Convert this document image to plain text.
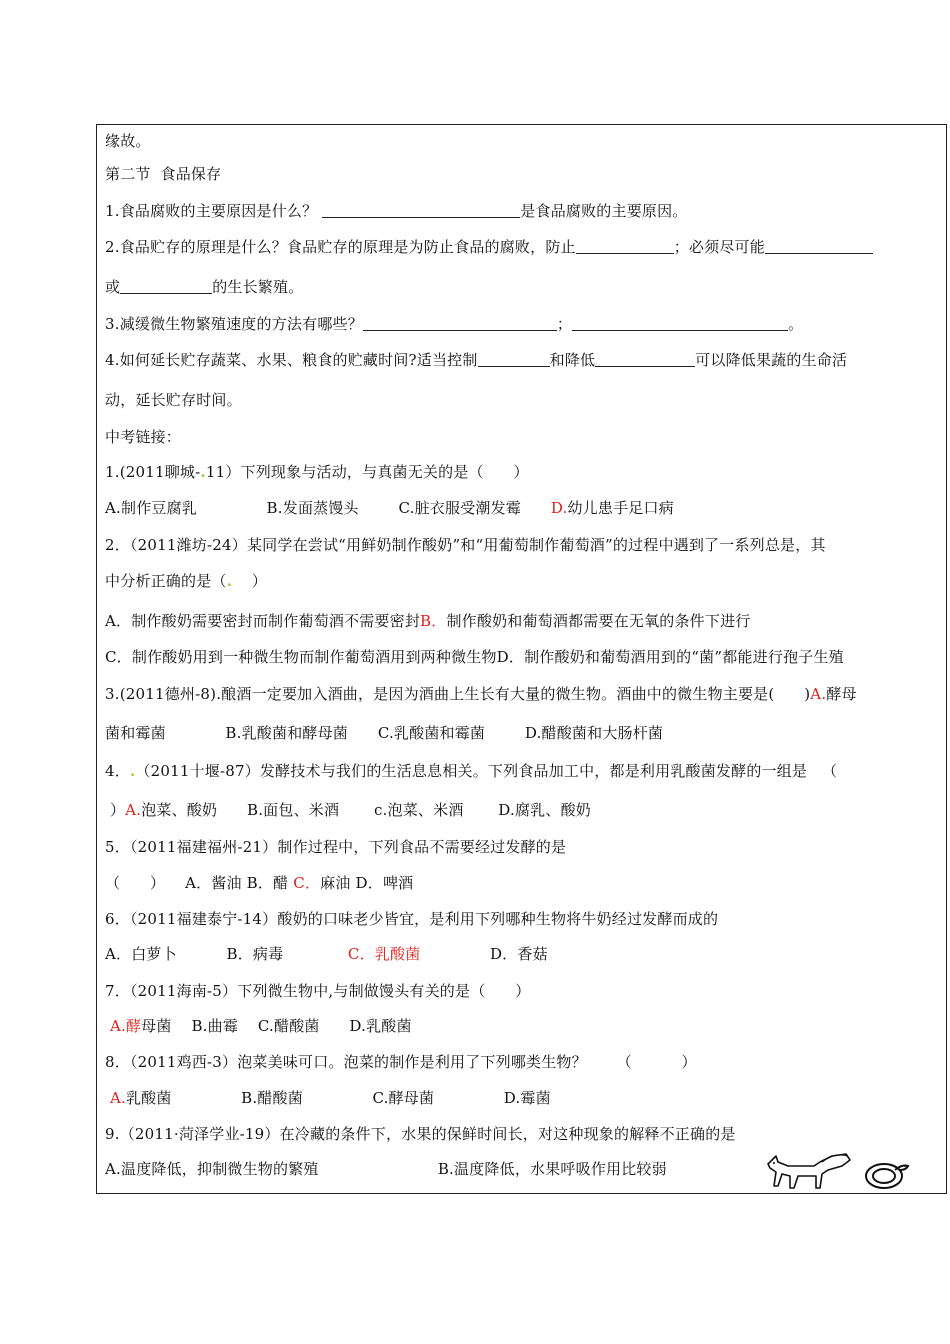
缘故。
第二节  食品保存
1.食品腐败的主要原因是什么？	是食品腐败的主要原因。
2.食品贮存的原理是什么？食品贮存的原理是为防止食品的腐败，防止	；必须尽可能
或	的生长繁殖。
3.减缓微生物繁殖速度的方法有哪些？	；	。
4.如何延长贮存蔬菜、水果、粮食的贮藏时间?适当控制	和降低	可以降低果蔬的生命活
动，延长贮存时间。
中考链接：
1.(2011聊城-.11）下列现象与活动，与真菌无关的是（      ）
A.制作豆腐乳              B.发面蒸馒头        C.脏衣服受潮发霉      D.幼儿患手足口病
2．（2011潍坊-24）某同学在尝试“用鲜奶制作酸奶”和“用葡萄制作葡萄酒”的过程中遇到了一系列总是，其
中分析正确的是（.    ）
A．制作酸奶需要密封而制作葡萄酒不需要密封B．制作酸奶和葡萄酒都需要在无氧的条件下进行
C．制作酸奶用到一种微生物而制作葡萄酒用到两种微生物D．制作酸奶和葡萄酒用到的“菌”都能进行孢子生殖
3.(2011德州-8).酿酒一定要加入酒曲，是因为酒曲上生长有大量的微生物。酒曲中的微生物主要是(      )A.酵母
菌和霉菌            B.乳酸菌和酵母菌      C.乳酸菌和霉菌        D.醋酸菌和大肠杆菌
4．.（2011十堰-87）发酵技术与我们的生活息息相关。下列食品加工中，都是利用乳酸菌发酵的一组是   （
）A.泡菜、酸奶      B.面包、米酒       c.泡菜、米酒       D.腐乳、酸奶
5．（2011福建福州-21）制作过程中，下列食品不需要经过发酵的是
（      ）    A．酱油 B．醋 C．麻油 D．啤酒
6．（2011福建泰宁-14）酸奶的口味老少皆宜，是利用下列哪种生物将牛奶经过发酵而成的
A．白萝卜          B．病毒             C．乳酸菌              D．香菇
7．（2011海南-5）下列微生物中,与制做馒头有关的是（      ）
A.酵母菌    B.曲霉    C.醋酸菌      D.乳酸菌
8．（2011鸡西-3）泡菜美味可口。泡菜的制作是利用了下列哪类生物？      （          ）
A.乳酸菌              B.醋酸菌              C.酵母菌              D.霉菌
9.（2011·菏泽学业-19）在冷藏的条件下，水果的保鲜时间长，对这种现象的解释不正确的是
A.温度降低，抑制微生物的繁殖                        B.温度降低，水果呼吸作用比较弱
